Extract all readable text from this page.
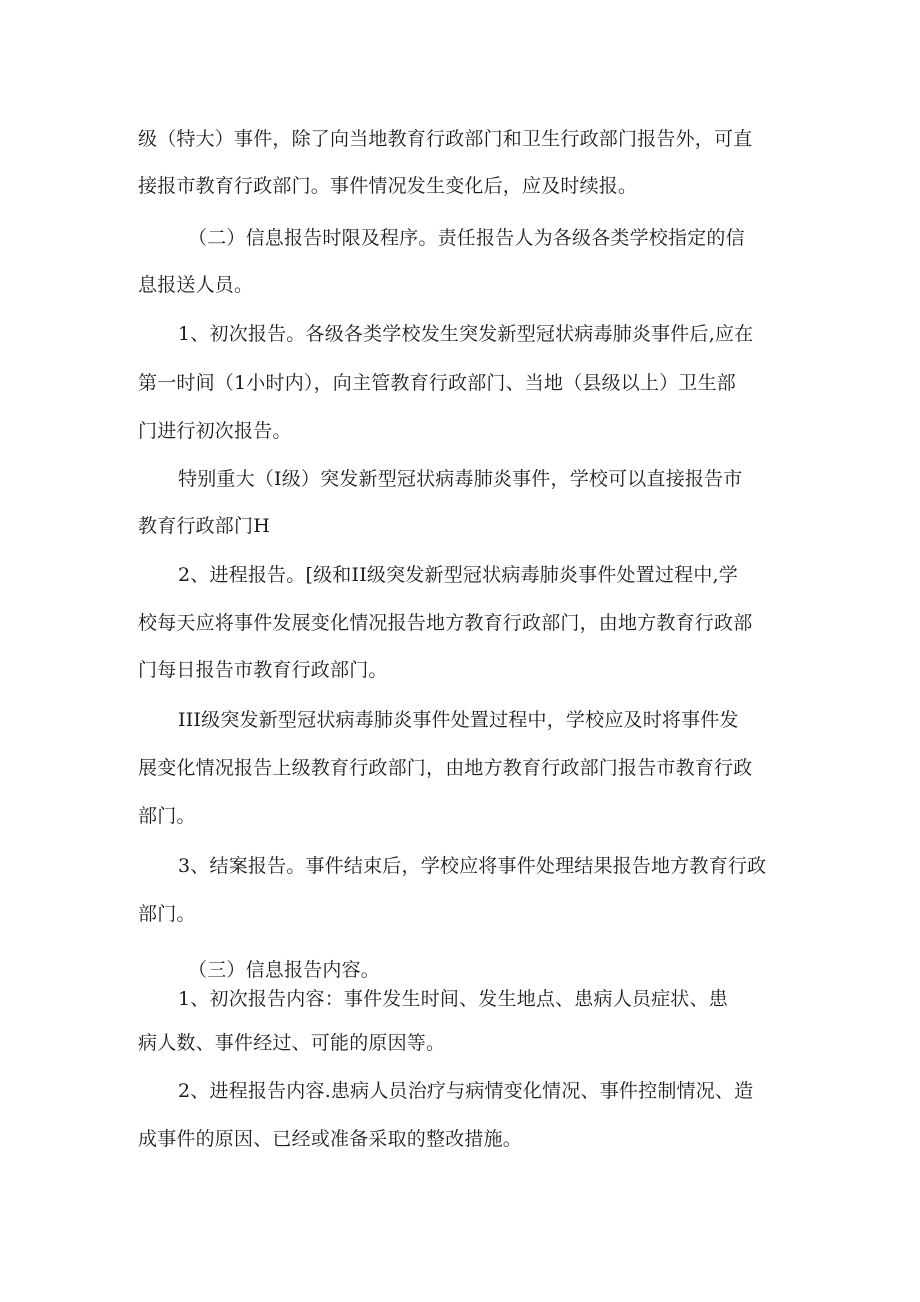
级（特大）事件，除了向当地教育行政部门和卫生行政部门报告外，可直
接报市教育行政部门。事件情况发生变化后，应及时续报。
（二）信息报告时限及程序。责任报告人为各级各类学校指定的信
息报送人员。
1、初次报告。各级各类学校发生突发新型冠状病毒肺炎事件后,应在
第一时间（1小时内），向主管教育行政部门、当地（县级以上）卫生部
门进行初次报告。
特别重大（I级）突发新型冠状病毒肺炎事件，学校可以直接报告市
教育行政部门H
2、进程报告。[级和II级突发新型冠状病毒肺炎事件处置过程中,学
校每天应将事件发展变化情况报告地方教育行政部门，由地方教育行政部
门每日报告市教育行政部门。
III级突发新型冠状病毒肺炎事件处置过程中，学校应及时将事件发
展变化情况报告上级教育行政部门，由地方教育行政部门报告市教育行政
部门。
3、结案报告。事件结束后，学校应将事件处理结果报告地方教育行政
部门。
（三）信息报告内容。
1、初次报告内容：事件发生时间、发生地点、患病人员症状、患
病人数、事件经过、可能的原因等。
2、进程报告内容.患病人员治疗与病情变化情况、事件控制情况、造
成事件的原因、已经或准备采取的整改措施。
